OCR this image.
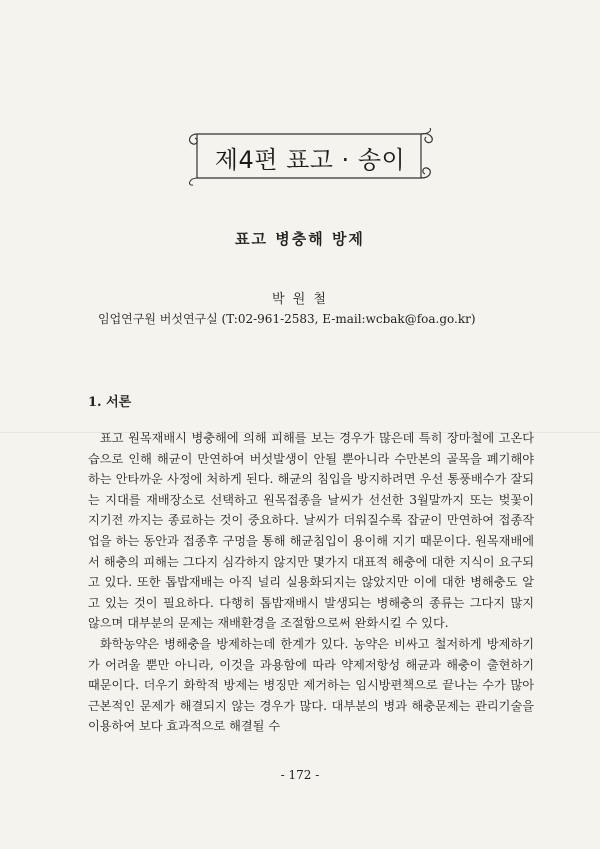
제4편 표고 · 송이
표고 병충해 방제
박 원 철
임업연구원 버섯연구실 (T:02-961-2583, E-mail:wcbak@foa.go.kr)
1. 서론

표고 원목재배시 병충해에 의해 피해를 보는 경우가 많은데 특히 장마철에 고온다습으로 인해 해균이 만연하여 버섯발생이 안될 뿐아니라 수만본의 골목을 폐기해야하는 안타까운 사정에 처하게 된다. 해균의 침입을 방지하려면 우선 통풍배수가 잘되는 지대를 재배장소로 선택하고 원목접종을 날씨가 선선한 3월말까지 또는 벚꽃이 지기전 까지는 종료하는 것이 중요하다. 날씨가 더워질수록 잡균이 만연하여 접종작업을 하는 동안과 접종후 구멍을 통해 해균침입이 용이해 지기 때문이다. 원목재배에서 해충의 피해는 그다지 심각하지 않지만 몇가지 대표적 해충에 대한 지식이 요구되고 있다. 또한 톱밥재배는 아직 널리 실용화되지는 않았지만 이에 대한 병해충도 알고 있는 것이 필요하다. 다행히 톱밥재배시 발생되는 병해충의 종류는 그다지 많지 않으며 대부분의 문제는 재배환경을 조절함으로써 완화시킬 수 있다.

화학농약은 병해충을 방제하는데 한계가 있다. 농약은 비싸고 철저하게 방제하기가 어려울 뿐만 아니라, 이것을 과용함에 따라 약제저항성 해균과 해충이 출현하기 때문이다. 더우기 화학적 방제는 병징만 제거하는 임시방편책으로 끝나는 수가 많아 근본적인 문제가 해결되지 않는 경우가 많다. 대부분의 병과 해충문제는 관리기술을 이용하여 보다 효과적으로 해결될 수

- 172 -
